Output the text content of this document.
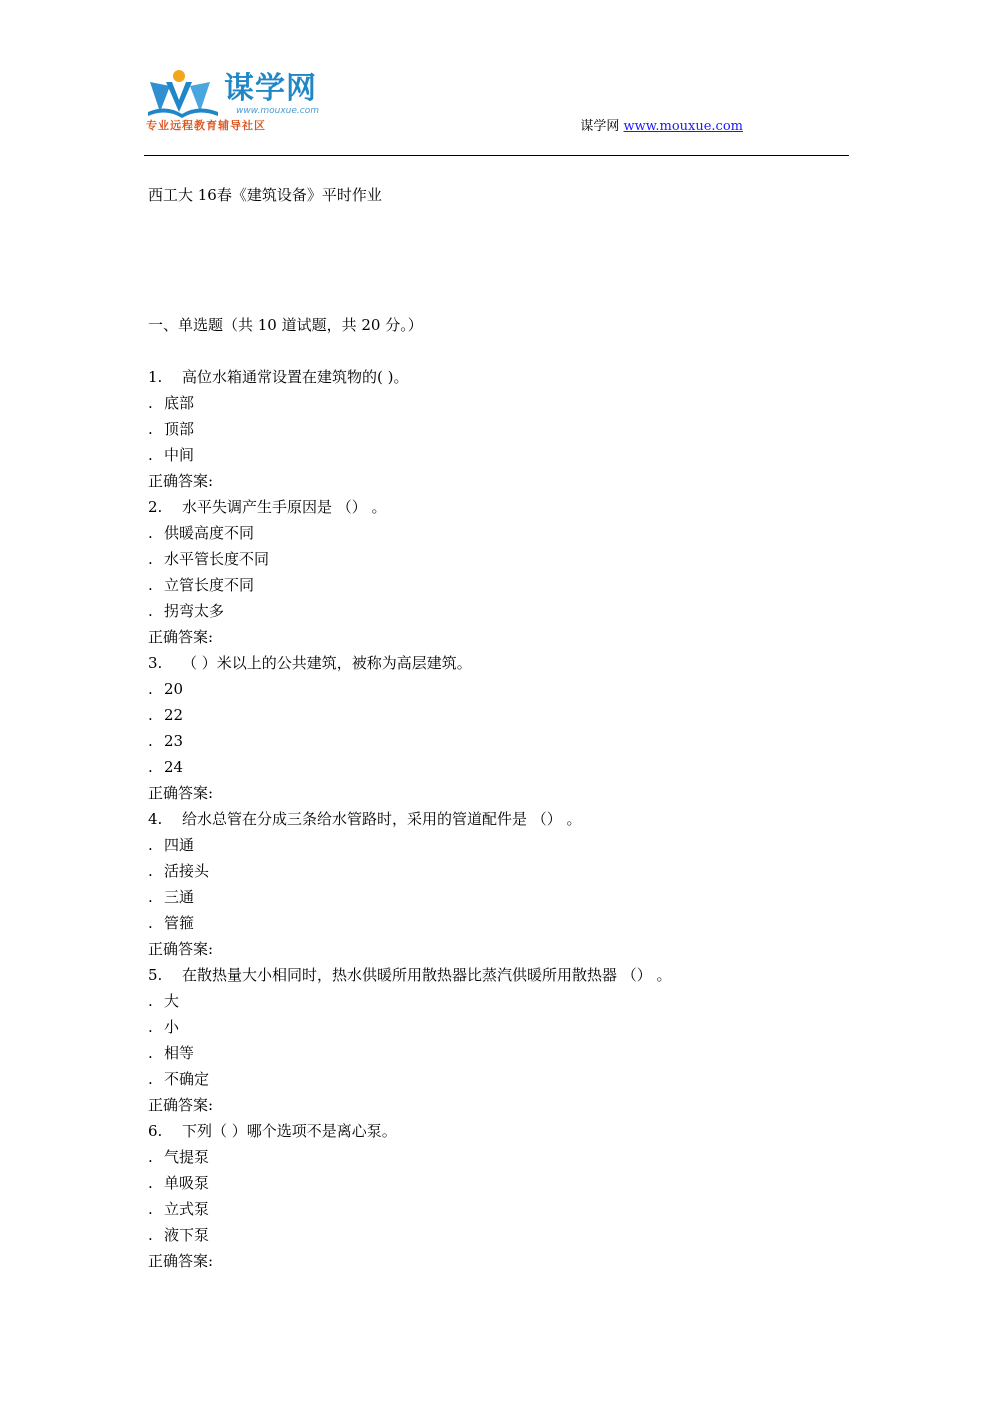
谋学网
www.mouxue.com
专业远程教育辅导社区	谋学网 www.mouxue.com
西工大 16春《建筑设备》平时作业
一、单选题（共 10 道试题，共 20 分。）
1. 高位水箱通常设置在建筑物的( )。
. 底部
. 顶部
. 中间
正确答案:
2. 水平失调产生手原因是 （） 。
. 供暖高度不同
. 水平管长度不同
. 立管长度不同
. 拐弯太多
正确答案:
3. （ ）米以上的公共建筑，被称为高层建筑。
. 20
. 22
. 23
. 24
正确答案:
4. 给水总管在分成三条给水管路时，采用的管道配件是 （） 。
. 四通
. 活接头
. 三通
. 管箍
正确答案:
5. 在散热量大小相同时，热水供暖所用散热器比蒸汽供暖所用散热器 （） 。
. 大
. 小
. 相等
. 不确定
正确答案:
6. 下列（ ）哪个选项不是离心泵。
. 气提泵
. 单吸泵
. 立式泵
. 液下泵
正确答案:
